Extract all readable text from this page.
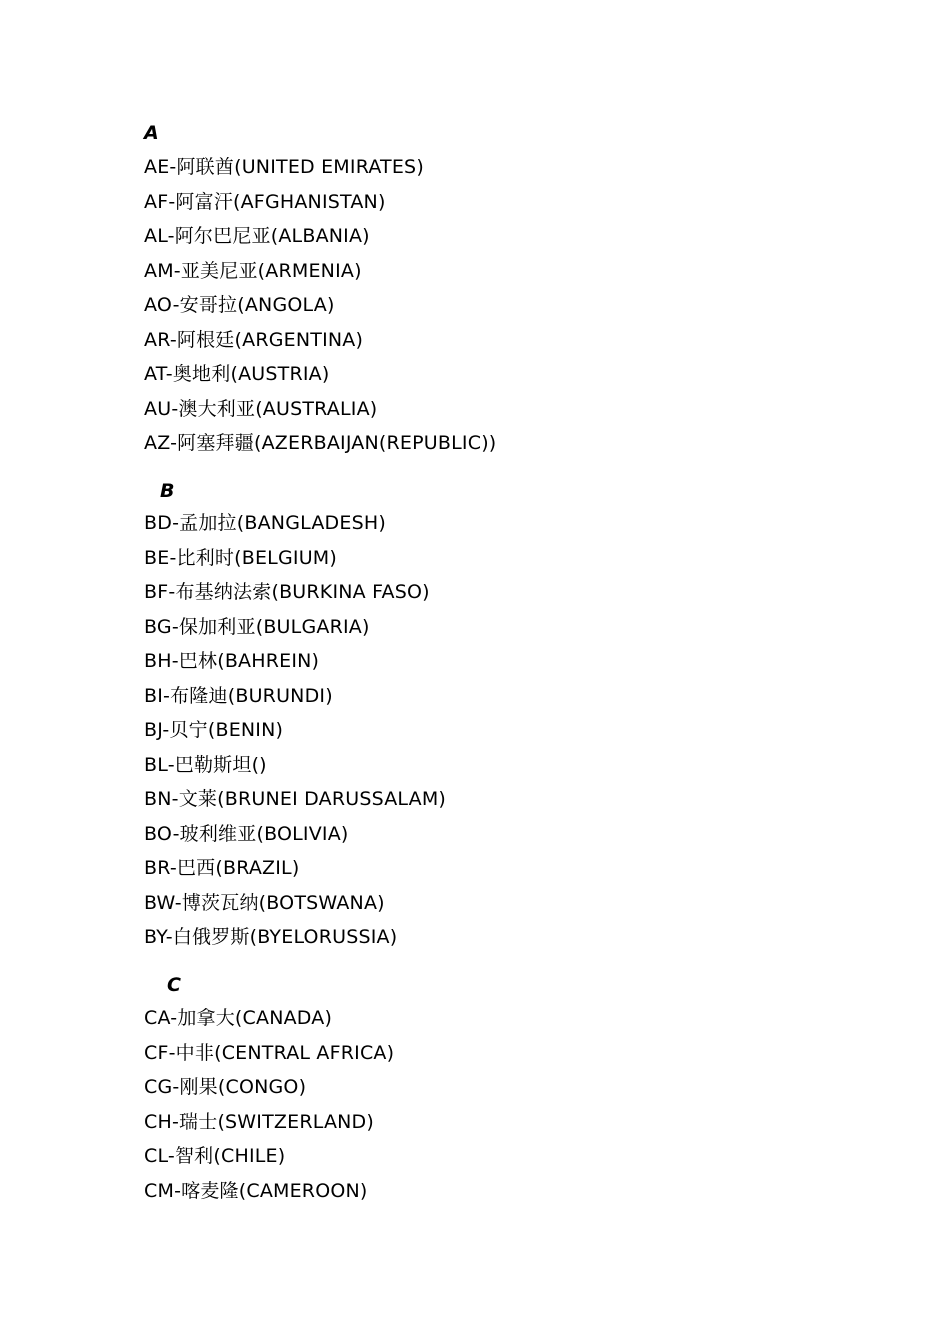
A
AE-阿联酋(UNITED EMIRATES)
AF-阿富汗(AFGHANISTAN)
AL-阿尔巴尼亚(ALBANIA)
AM-亚美尼亚(ARMENIA)
AO-安哥拉(ANGOLA)
AR-阿根廷(ARGENTINA)
AT-奥地利(AUSTRIA)
AU-澳大利亚(AUSTRALIA)
AZ-阿塞拜疆(AZERBAIJAN(REPUBLIC))
B
BD-孟加拉(BANGLADESH)
BE-比利时(BELGIUM)
BF-布基纳法索(BURKINA FASO)
BG-保加利亚(BULGARIA)
BH-巴林(BAHREIN)
BI-布隆迪(BURUNDI)
BJ-贝宁(BENIN)
BL-巴勒斯坦()
BN-文莱(BRUNEI DARUSSALAM)
BO-玻利维亚(BOLIVIA)
BR-巴西(BRAZIL)
BW-博茨瓦纳(BOTSWANA)
BY-白俄罗斯(BYELORUSSIA)
C
CA-加拿大(CANADA)
CF-中非(CENTRAL AFRICA)
CG-刚果(CONGO)
CH-瑞士(SWITZERLAND)
CL-智利(CHILE)
CM-喀麦隆(CAMEROON)
